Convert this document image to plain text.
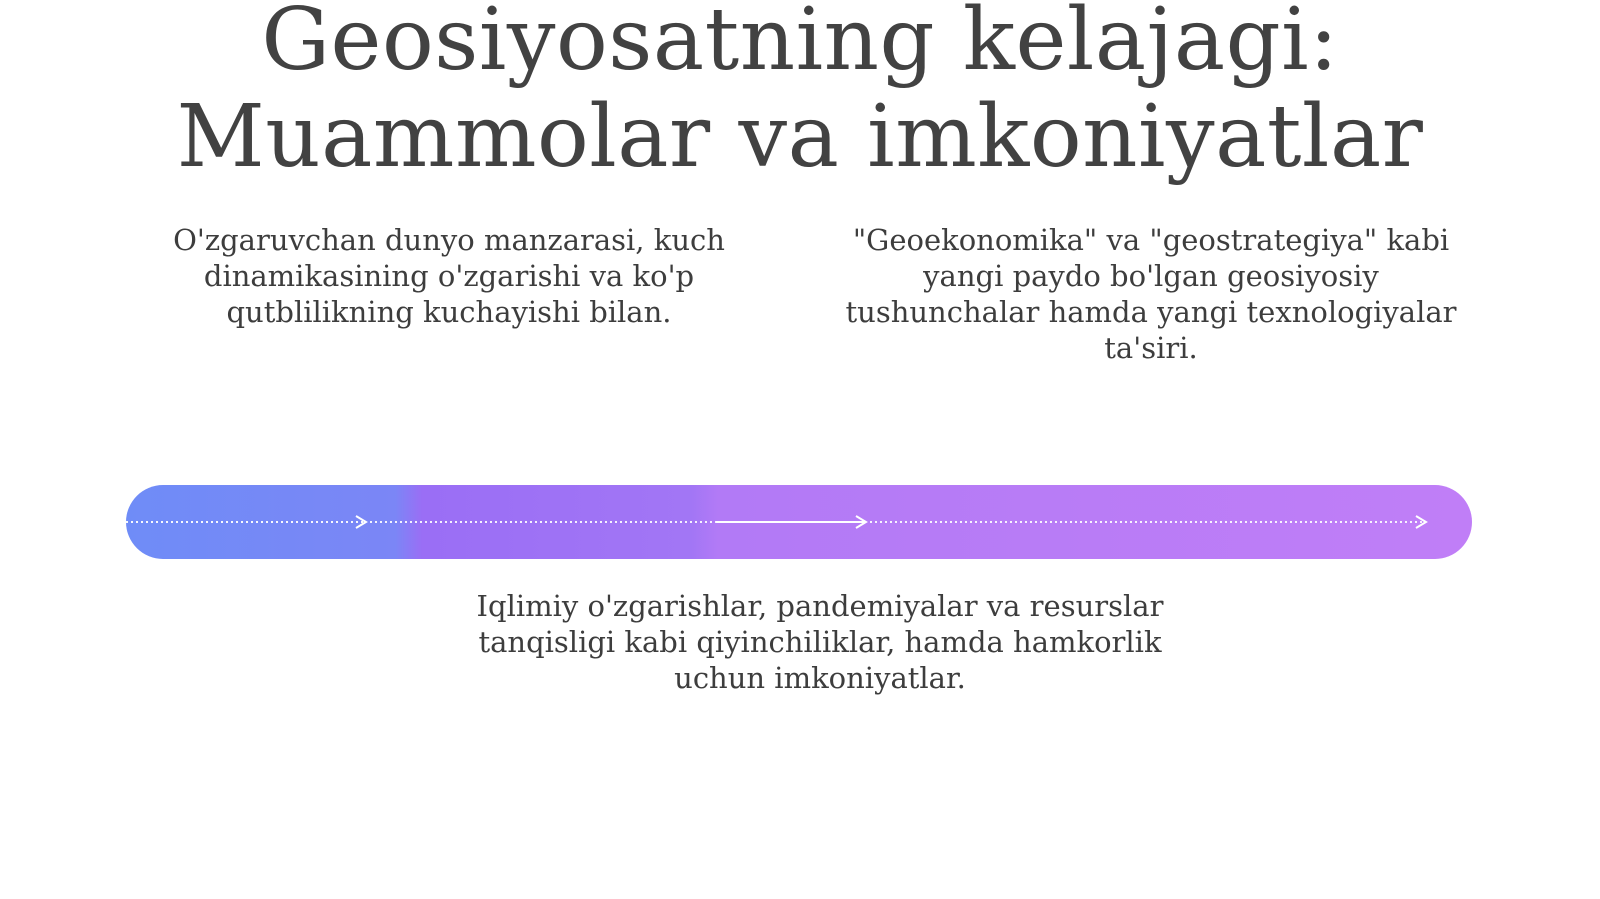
Geosiyosatning kelajagi:
Muammolar va imkoniyatlar

O'zgaruvchan dunyo manzarasi, kuch dinamikasining o'zgarishi va ko'p qutblilikning kuchayishi bilan.

"Geoekonomika" va "geostrategiya" kabi yangi paydo bo'lgan geosiyosiy tushunchalar hamda yangi texnologiyalar ta'siri.

Iqlimiy o'zgarishlar, pandemiyalar va resurslar tanqisligi kabi qiyinchiliklar, hamda hamkorlik uchun imkoniyatlar.
